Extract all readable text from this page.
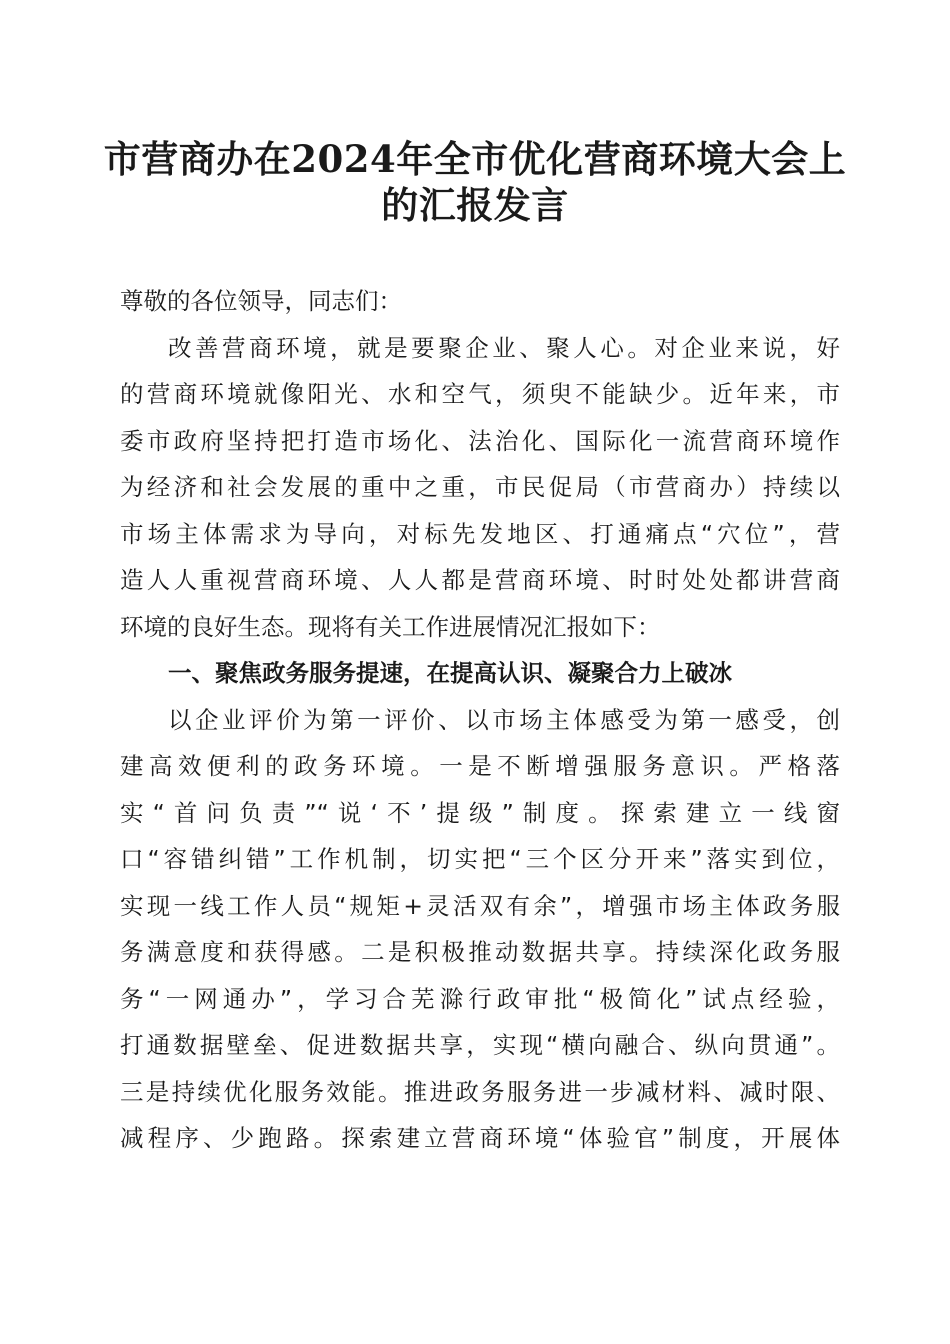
市营商办在2024年全市优化营商环境大会上
的汇报发言
尊敬的各位领导，同志们：
改善营商环境，就是要聚企业、聚人心。对企业来说，好
的营商环境就像阳光、水和空气，须臾不能缺少。近年来，市
委市政府坚持把打造市场化、法治化、国际化一流营商环境作
为经济和社会发展的重中之重，市民促局（市营商办）持续以
市场主体需求为导向，对标先发地区、打通痛点“穴位”，营
造人人重视营商环境、人人都是营商环境、时时处处都讲营商
环境的良好生态。现将有关工作进展情况汇报如下：
一、聚焦政务服务提速，在提高认识、凝聚合力上破冰
以企业评价为第一评价、以市场主体感受为第一感受，创
建高效便利的政务环境。一是不断增强服务意识。严格落
实“首问负责”“说‘不’提级”制度。探索建立一线窗
口“容错纠错”工作机制，切实把“三个区分开来”落实到位，
实现一线工作人员“规矩+灵活双有余”，增强市场主体政务服
务满意度和获得感。二是积极推动数据共享。持续深化政务服
务“一网通办”，学习合芜滁行政审批“极简化”试点经验，
打通数据壁垒、促进数据共享，实现“横向融合、纵向贯通”。
三是持续优化服务效能。推进政务服务进一步减材料、减时限、
减程序、少跑路。探索建立营商环境“体验官”制度，开展体
